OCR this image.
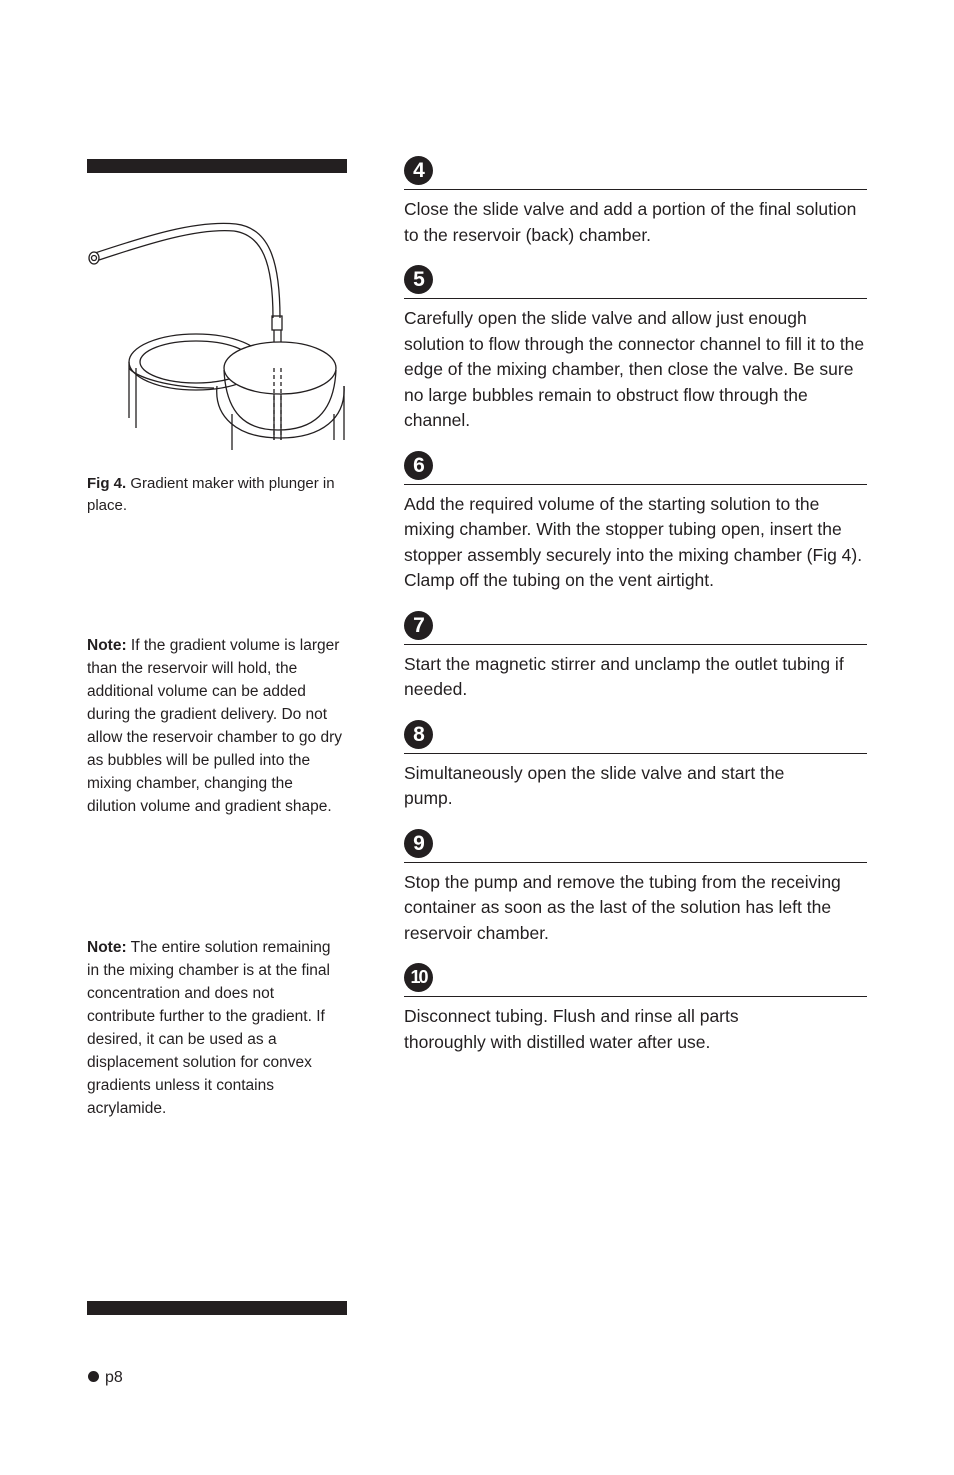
Fig 4. Gradient maker with plunger in place.

Note: If the gradient volume is larger than the reservoir will hold, the additional volume can be added during the gradient delivery. Do not allow the reservoir chamber to go dry as bubbles will be pulled into the mixing chamber, changing the dilution volume and gradient shape.

Note: The entire solution remaining in the mixing chamber is at the final concentration and does not contribute further to the gradient. If desired, it can be used as a displacement solution for convex gradients unless it contains acrylamide.

4

Close the slide valve and add a portion of the final solution to the reservoir (back) chamber.

5

Carefully open the slide valve and allow just enough solution to flow through the connector channel to fill it to the edge of the mixing chamber, then close the valve. Be sure no large bubbles remain to obstruct flow through the channel.

6

Add the required volume of the starting solution to the mixing chamber. With the stopper tubing open, insert the stopper assembly securely into the mixing chamber (Fig 4). Clamp off the tubing on the vent airtight.

7

Start the magnetic stirrer and unclamp the outlet tubing if needed.

8

Simultaneously open the slide valve and start the pump.

9

Stop the pump and remove the tubing from the receiving container as soon as the last of the solution has left the reservoir chamber.

10

Disconnect tubing. Flush and rinse all parts thoroughly with distilled water after use.

p8
